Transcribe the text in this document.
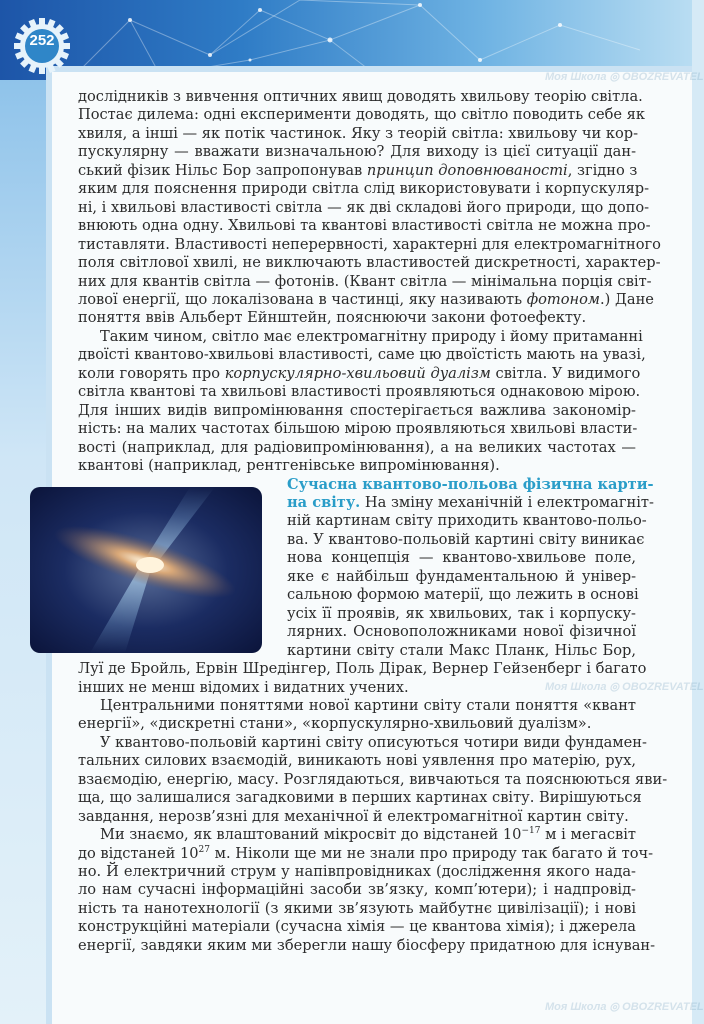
252
Моя Школа ◎ OBOZREVATEL
Моя Школа ◎ OBOZREVATEL
Моя Школа ◎ OBOZREVATEL
дослідників з вивчення оптичних явищ доводять хвильову теорію світла.
Постає дилема: одні експерименти доводять, що світло поводить себе як
хвиля, а інші — як потік частинок. Яку з теорій світла: хвильову чи кор-
пускулярну — вважати визначальною? Для виходу із цієї ситуації дан-
ський фізик Нільс Бор запропонував принцип доповнюваності, згідно з
яким для пояснення природи світла слід використовувати і корпускуляр-
ні, і хвильові властивості світла — як дві складові його природи, що допо-
внюють одна одну. Хвильові та квантові властивості світла не можна про-
тиставляти. Властивості неперервності, характерні для електромагнітного
поля світлової хвилі, не виключають властивостей дискретності, характер-
них для квантів світла — фотонів. (Квант світла — мінімальна порція світ-
лової енергії, що локалізована в частинці, яку називають фотоном.) Дане
поняття ввів Альберт Ейнштейн, пояснюючи закони фотоефекту.
Таким чином, світло має електромагнітну природу і йому притаманні
двоїсті квантово-хвильові властивості, саме цю двоїстість мають на увазі,
коли говорять про корпускулярно-хвильовий дуалізм світла. У видимого
світла квантові та хвильові властивості проявляються однаковою мірою.
Для інших видів випромінювання спостерігається важлива закономір-
ність: на малих частотах більшою мірою проявляються хвильові власти-
вості (наприклад, для радіовипромінювання), а на великих частотах —
квантові (наприклад, рентгенівське випромінювання).
Сучасна квантово-польова фізична карти-
на світу. На зміну механічній і електромагніт-
ній картинам світу приходить квантово-польо-
ва. У квантово-польовій картині світу виникає
нова концепція — квантово-хвильове поле,
яке є найбільш фундаментальною й універ-
сальною формою матерії, що лежить в основі
усіх її проявів, як хвильових, так і корпуску-
лярних. Основоположниками нової фізичної
картини світу стали Макс Планк, Нільс Бор,
Луї де Бройль, Ервін Шредінгер, Поль Дірак, Вернер Гейзенберг і багато
інших не менш відомих і видатних учених.
Центральними поняттями нової картини світу стали поняття «квант
енергії», «дискретні стани», «корпускулярно-хвильовий дуалізм».
У квантово-польовій картині світу описуються чотири види фундамен-
тальних силових взаємодій, виникають нові уявлення про матерію, рух,
взаємодію, енергію, масу. Розглядаються, вивчаються та пояснюються яви-
ща, що залишалися загадковими в перших картинах світу. Вирішуються
завдання, нерозв’язні для механічної й електромагнітної картин світу.
Ми знаємо, як влаштований мікросвіт до відстаней $10^{-17}$ м і мегасвіт
до відстаней $10^{27}$ м. Ніколи ще ми не знали про природу так багато й точ-
но. Й електричний струм у напівпровідниках (дослідження якого нада-
ло нам сучасні інформаційні засоби зв’язку, комп’ютери); і надпровід-
ність та нанотехнології (з якими зв’язують майбутнє цивілізації); і нові
конструкційні матеріали (сучасна хімія — це квантова хімія); і джерела
енергії, завдяки яким ми зберегли нашу біосферу придатною для існуван-
